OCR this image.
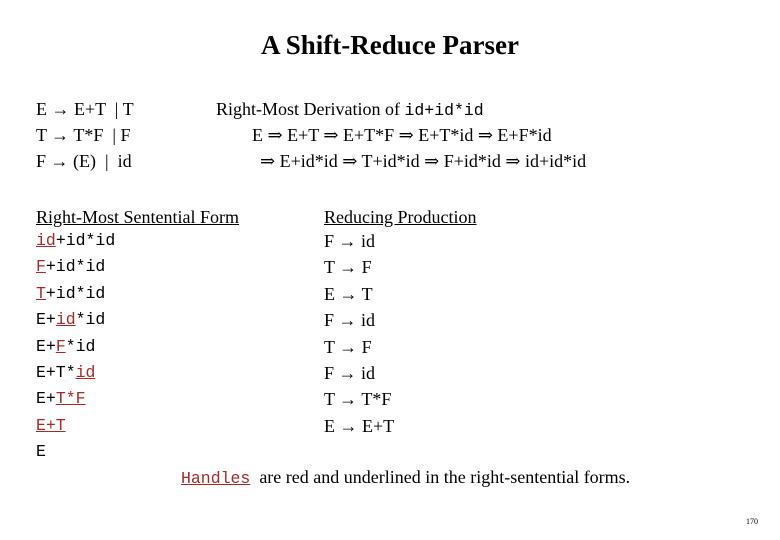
A Shift-Reduce Parser
E → E+T  | T
T → T*F  | F
F → (E)  |  id
Right-Most Derivation of id+id*id
E ⇒ E+T ⇒ E+T*F ⇒ E+T*id ⇒ E+F*id
⇒ E+id*id ⇒ T+id*id ⇒ F+id*id ⇒ id+id*id
Right-Most Sentential Form	Reducing Production
id+id*id
F+id*id
T+id*id
E+id*id
E+F*id
E+T*id
E+T*F
E+T
E
F → id
T → F
E → T
F → id
T → F
F → id
T → T*F
E → E+T
Handles  are red and underlined in the right-sentential forms.
170
